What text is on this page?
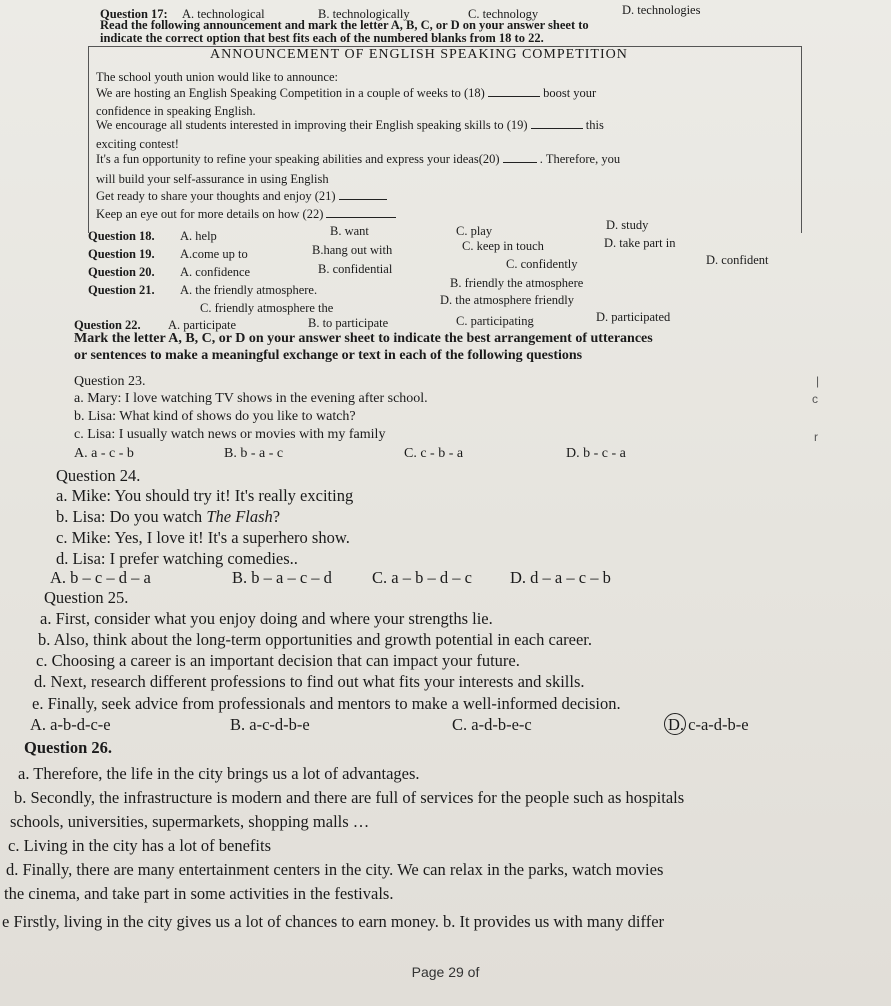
Question 17: A. technological	B. technologically	C. technology	D. technologies
Read the following announcement and mark the letter A, B, C, or D on your answer sheet to
indicate the correct option that best fits each of the numbered blanks from 18 to 22.
ANNOUNCEMENT OF ENGLISH SPEAKING COMPETITION
The school youth union would like to announce:
We are hosting an English Speaking Competition in a couple of weeks to (18)	boost your
confidence in speaking English.
We encourage all students interested in improving their English speaking skills to (19)	this
exciting contest!
It's a fun opportunity to refine your speaking abilities and express your ideas(20)	. Therefore, you
will build your self-assurance in using English
Get ready to share your thoughts and enjoy (21)
Keep an eye out for more details on how (22)
Question 18. A. help	B. want	C. play	D. study
Question 19. A.come up to	B.hang out with	C. keep in touch	D. take part in
Question 20. A. confidence	B. confidential	C. confidently	D. confident
Question 21. A. the friendly atmosphere.	B. friendly the atmosphere
C. friendly atmosphere the
D. the atmosphere friendly
Question 22. A. participate	B. to participate	C. participating	D. participated
Mark the letter A, B, C, or D on your answer sheet to indicate the best arrangement of utterances
or sentences to make a meaningful exchange or text in each of the following questions
Question 23.
a. Mary: I love watching TV shows in the evening after school.
b. Lisa: What kind of shows do you like to watch?
c. Lisa: I usually watch news or movies with my family
A. a - c - b	B. b - a - c	C. c - b - a	D. b - c - a
|
c
r
Question 24.
a. Mike: You should try it! It's really exciting
b. Lisa: Do you watch The Flash?
c. Mike: Yes, I love it! It's a superhero show.
d. Lisa: I prefer watching comedies..
A. b – c – d – a	B. b – a – c – d C. a – b – d – c D. d – a – c – b
Question 25.
a. First, consider what you enjoy doing and where your strengths lie.
b. Also, think about the long-term opportunities and growth potential in each career.
c. Choosing a career is an important decision that can impact your future.
d. Next, research different professions to find out what fits your interests and skills.
e. Finally, seek advice from professionals and mentors to make a well-informed decision.
A. a-b-d-c-e	B. a-c-d-b-e	C. a-d-b-e-c	D. c-a-d-b-e
Question 26.
a. Therefore, the life in the city brings us a lot of advantages.
b. Secondly, the infrastructure is modern and there are full of services for the people such as hospitals
schools, universities, supermarkets, shopping malls …
c. Living in the city has a lot of benefits
d. Finally, there are many entertainment centers in the city. We can relax in the parks, watch movies
the cinema, and take part in some activities in the festivals.
e Firstly, living in the city gives us a lot of chances to earn money. b. It provides us with many differ
Page 29 of
